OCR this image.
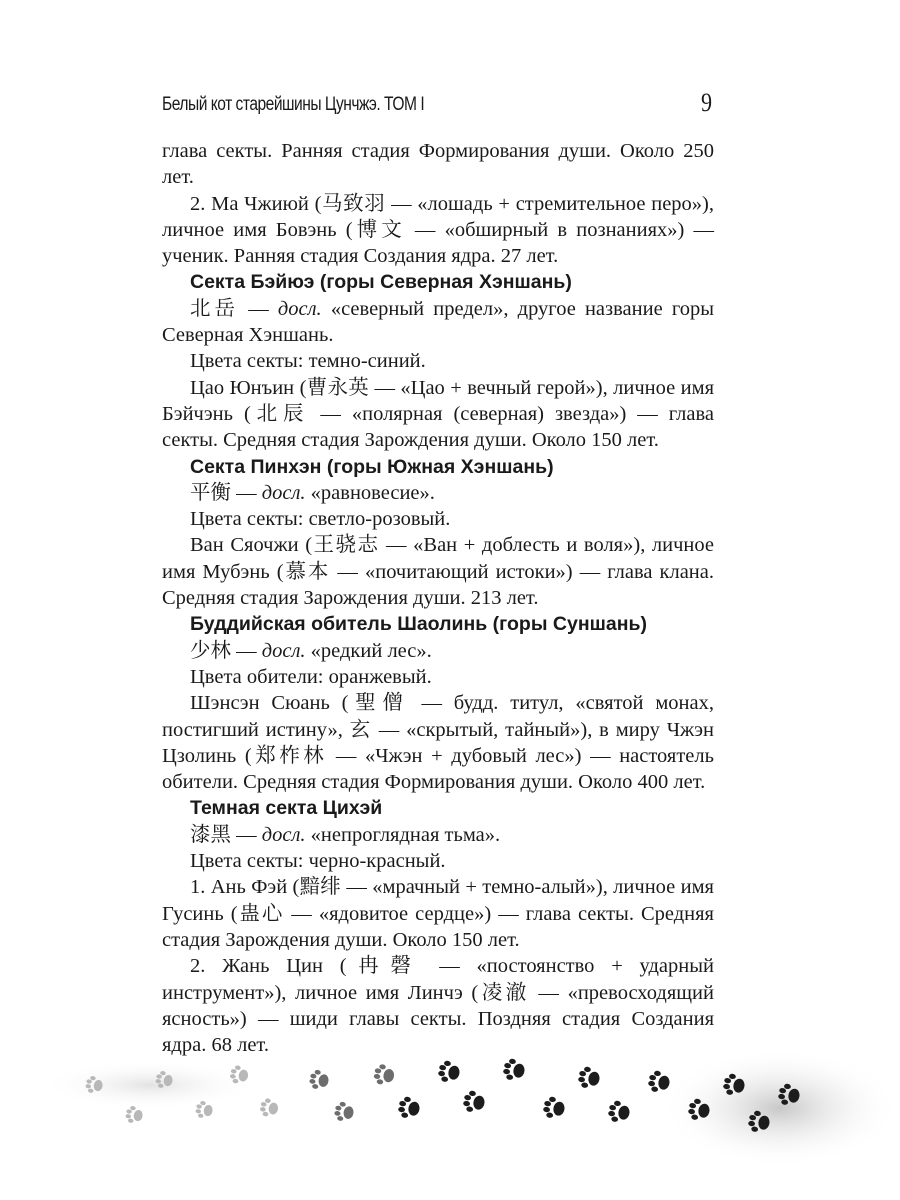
Белый кот старейшины Цунчжэ. ТОМ I	9

глава секты. Ранняя стадия Формирования души. Около 250 лет.

2. Ма Чжиюй (马致羽 — «лошадь + стремительное перо»), личное имя Бовэнь (博文 — «обширный в познаниях») — ученик. Ранняя стадия Создания ядра. 27 лет.

Секта Бэйюэ (горы Северная Хэншань)

北岳 — досл. «северный предел», другое название горы Северная Хэншань.

Цвета секты: темно-синий.

Цао Юнъин (曹永英 — «Цао + вечный герой»), личное имя Бэйчэнь (北辰 — «полярная (северная) звезда») — глава секты. Средняя стадия Зарождения души. Около 150 лет.

Секта Пинхэн (горы Южная Хэншань)

平衡 — досл. «равновесие».

Цвета секты: светло-розовый.

Ван Сяочжи (王骁志 — «Ван + доблесть и воля»), личное имя Мубэнь (慕本 — «почитающий истоки») — глава клана. Средняя стадия Зарождения души. 213 лет.

Буддийская обитель Шаолинь (горы Суншань)

少林 — досл. «редкий лес».

Цвета обители: оранжевый.

Шэнсэн Сюань (聖僧 — будд. титул, «святой монах, постигший истину», 玄 — «скрытый, тайный»), в миру Чжэн Цзолинь (郑柞林 — «Чжэн + дубовый лес») — настоятель обители. Средняя стадия Формирования души. Около 400 лет.

Темная секта Цихэй

漆黑 — досл. «непроглядная тьма».

Цвета секты: черно-красный.

1. Ань Фэй (黯绯 — «мрачный + темно-алый»), личное имя Гусинь (蛊心 — «ядовитое сердце») — глава секты. Средняя стадия Зарождения души. Около 150 лет.

2. Жань Цин (冉磬 — «постоянство + ударный инструмент»), личное имя Линчэ (凌澈 — «превосходящий ясность») — шиди главы секты. Поздняя стадия Создания ядра. 68 лет.
